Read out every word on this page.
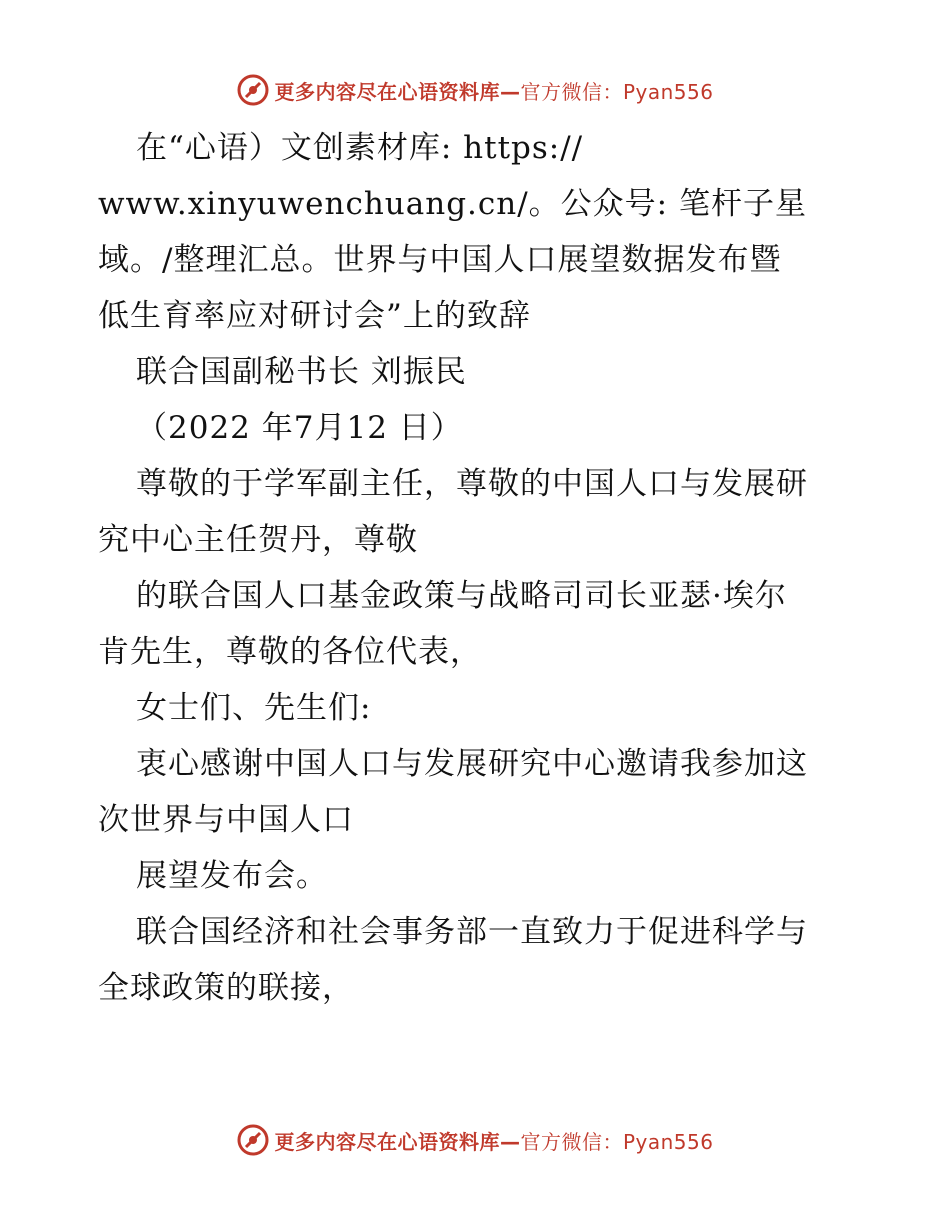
更多内容尽在心语资料库—官方微信：Pyan556

在“心语）文创素材库: https://

www.xinyuwenchuang.cn/。公众号: 笔杆子星

域。/整理汇总。世界与中国人口展望数据发布暨

低生育率应对研讨会”上的致辞

联合国副秘书长 刘振民

（2022 年7月12 日）

尊敬的于学军副主任，尊敬的中国人口与发展研

究中心主任贺丹，尊敬

的联合国人口基金政策与战略司司长亚瑟·埃尔

肯先生，尊敬的各位代表，

女士们、先生们:

衷心感谢中国人口与发展研究中心邀请我参加这

次世界与中国人口

展望发布会。

联合国经济和社会事务部一直致力于促进科学与

全球政策的联接，

更多内容尽在心语资料库—官方微信：Pyan556
